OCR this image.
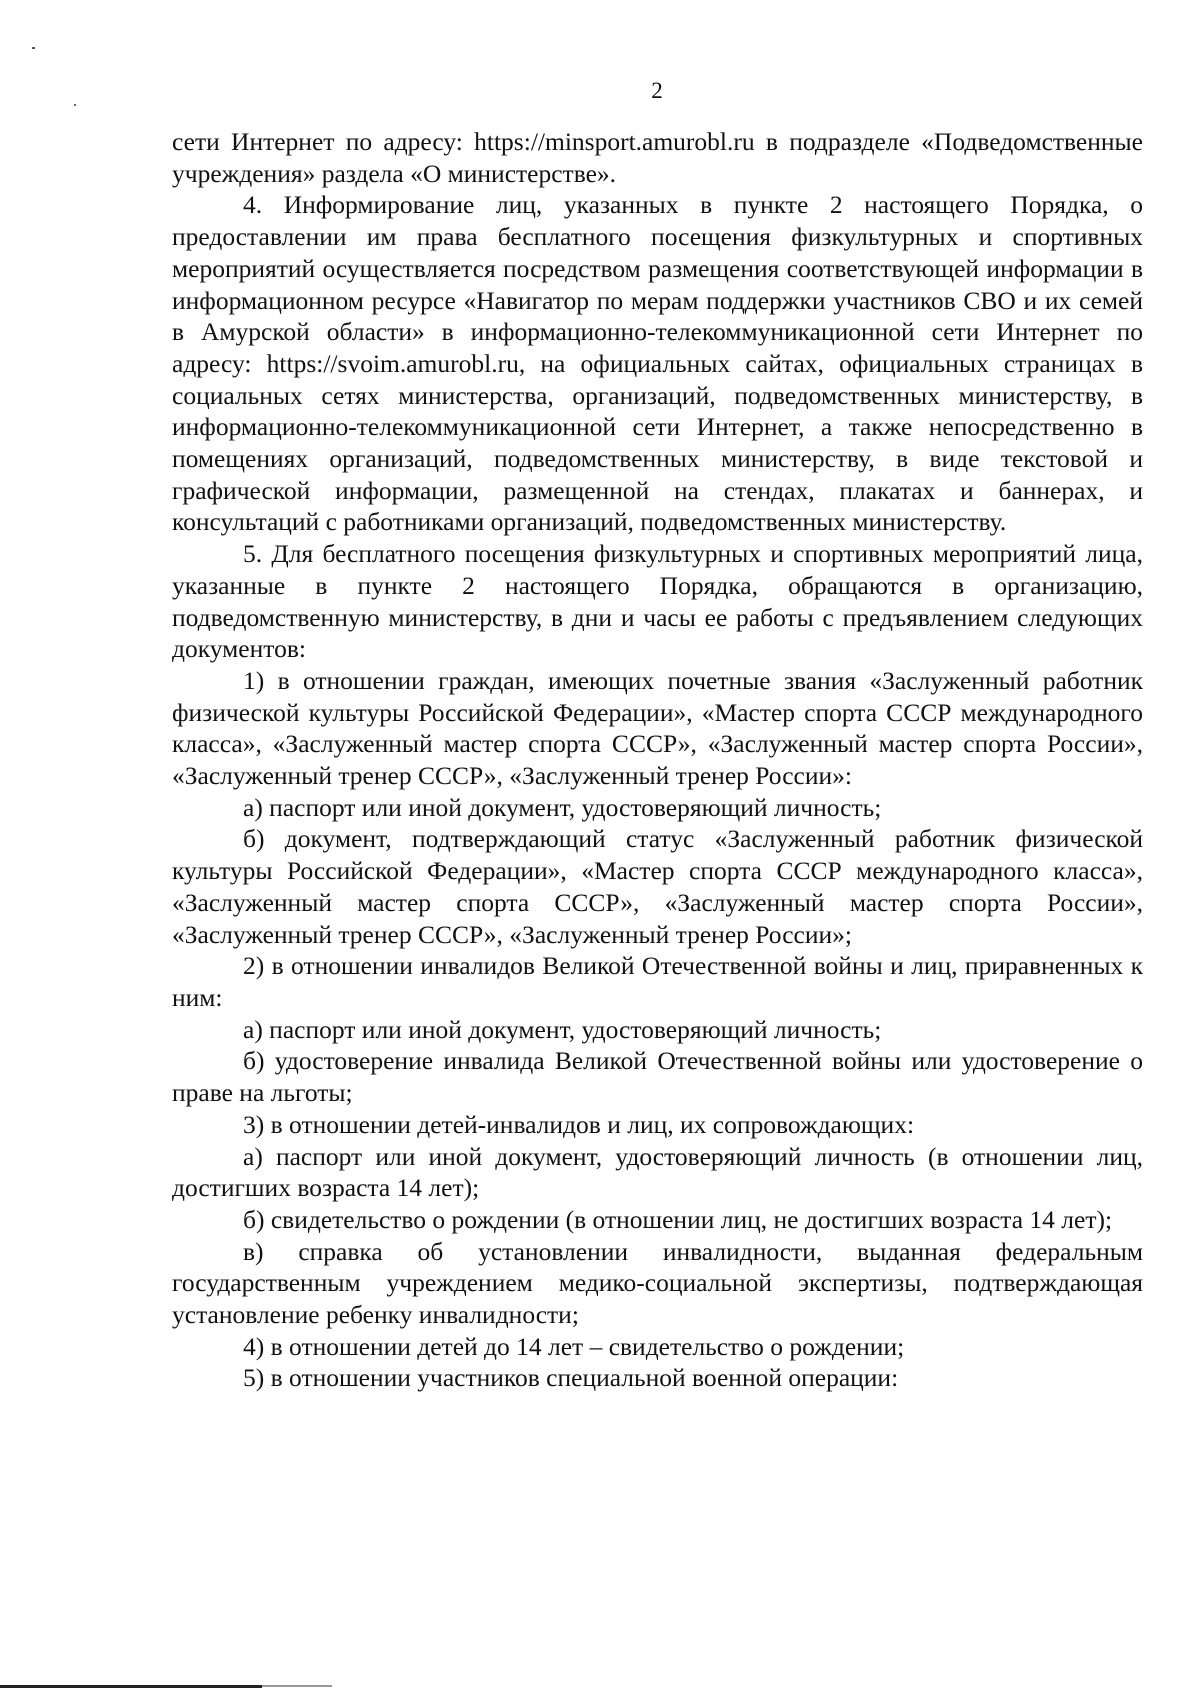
2

сети Интернет по адресу: https://minsport.amurobl.ru в подразделе «Подведомственные учреждения» раздела «О министерстве».

4. Информирование лиц, указанных в пункте 2 настоящего Порядка, о предоставлении им права бесплатного посещения физкультурных и спортивных мероприятий осуществляется посредством размещения соответствующей информации в информационном ресурсе «Навигатор по мерам поддержки участников СВО и их семей в Амурской области» в информационно-телекоммуникационной сети Интернет по адресу: https://svoim.amurobl.ru, на официальных сайтах, официальных страницах в социальных сетях министерства, организаций, подведомственных министерству, в информационно-телекоммуникационной сети Интернет, а также непосредственно в помещениях организаций, подведомственных министерству, в виде текстовой и графической информации, размещенной на стендах, плакатах и баннерах, и консультаций с работниками организаций, подведомственных министерству.

5. Для бесплатного посещения физкультурных и спортивных мероприятий лица, указанные в пункте 2 настоящего Порядка, обращаются в организацию, подведомственную министерству, в дни и часы ее работы с предъявлением следующих документов:

1) в отношении граждан, имеющих почетные звания «Заслуженный работник физической культуры Российской Федерации», «Мастер спорта СССР международного класса», «Заслуженный мастер спорта СССР», «Заслуженный мастер спорта России», «Заслуженный тренер СССР», «Заслуженный тренер России»:

а) паспорт или иной документ, удостоверяющий личность;

б) документ, подтверждающий статус «Заслуженный работник физической культуры Российской Федерации», «Мастер спорта СССР международного класса», «Заслуженный мастер спорта СССР», «Заслуженный мастер спорта России», «Заслуженный тренер СССР», «Заслуженный тренер России»;

2) в отношении инвалидов Великой Отечественной войны и лиц, приравненных к ним:

а) паспорт или иной документ, удостоверяющий личность;

б) удостоверение инвалида Великой Отечественной войны или удостоверение о праве на льготы;

3) в отношении детей-инвалидов и лиц, их сопровождающих:

а) паспорт или иной документ, удостоверяющий личность (в отношении лиц, достигших возраста 14 лет);

б) свидетельство о рождении (в отношении лиц, не достигших возраста 14 лет);

в) справка об установлении инвалидности, выданная федеральным государственным учреждением медико-социальной экспертизы, подтверждающая установление ребенку инвалидности;

4) в отношении детей до 14 лет – свидетельство о рождении;

5) в отношении участников специальной военной операции:
